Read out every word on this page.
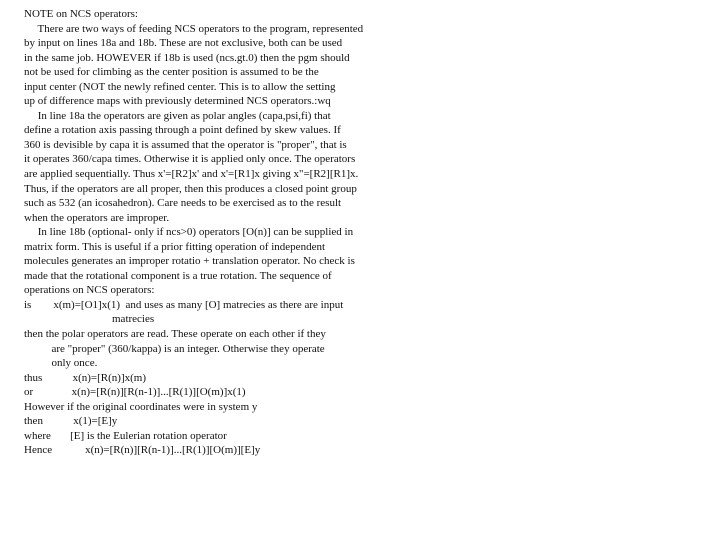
NOTE on NCS operators:
There are two ways of feeding NCS operators to the program, represented
by input on lines 18a and 18b. These are not exclusive, both can be used
in the same job. HOWEVER if 18b is used (ncs.gt.0) then the pgm should
not be used for climbing as the center position is assumed to be the
input center (NOT the newly refined center. This is to allow the setting
up of difference maps with previously determined NCS operators.:wq
In line 18a the operators are given as polar angles (capa,psi,fi) that
define a rotation axis passing through a point defined by skew values. If
360 is devisible by capa it is assumed that the operator is "proper", that is
it operates 360/capa times. Otherwise it is applied only once. The operators
are applied sequentially. Thus x'=[R2]x' and x'=[R1]x giving x"=[R2][R1]x.
Thus, if the operators are all proper, then this produces a closed point group
such as 532 (an icosahedron). Care needs to be exercised as to the result
when the operators are improper.
In line 18b (optional- only if ncs>0) operators [O(n)] can be supplied in
matrix form. This is useful if a prior fitting operation of independent
molecules generates an improper rotatio + translation operator. No check is
made that the rotational component is a true rotation. The sequence of
operations on NCS operators:
is        x(m)=[O1]x(1)  and uses as many [O] matrecies as there are input
matrecies
then the polar operators are read. These operate on each other if they
are "proper" (360/kappa) is an integer. Otherwise they operate
only once.
thus           x(n)=[R(n)]x(m)
or              x(n)=[R(n)][R(n-1)]...[R(1)][O(m)]x(1)
However if the original coordinates were in system y
then           x(1)=[E]y
where       [E] is the Eulerian rotation operator
Hence            x(n)=[R(n)][R(n-1)]...[R(1)][O(m)][E]y
